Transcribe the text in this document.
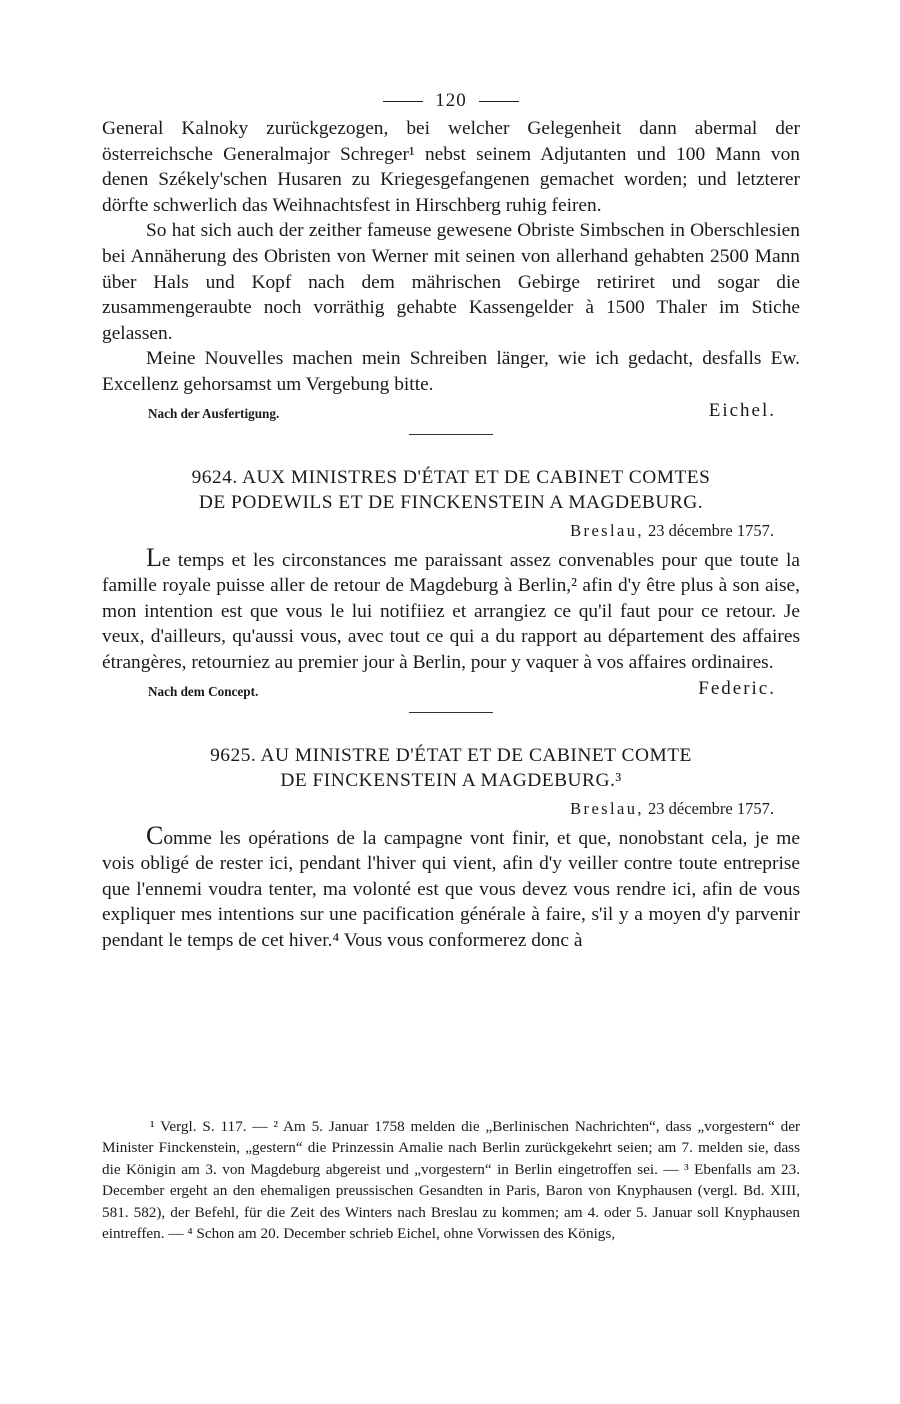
120

General Kalnoky zurückgezogen, bei welcher Gelegenheit dann abermal der österreichsche Generalmajor Schreger¹ nebst seinem Adjutanten und 100 Mann von denen Székely'schen Husaren zu Kriegesgefangenen gemachet worden; und letzterer dörfte schwerlich das Weihnachtsfest in Hirschberg ruhig feiren.

So hat sich auch der zeither fameuse gewesene Obriste Simbschen in Oberschlesien bei Annäherung des Obristen von Werner mit seinen von allerhand gehabten 2500 Mann über Hals und Kopf nach dem mährischen Gebirge retiriret und sogar die zusammengeraubte noch vorräthig gehabte Kassengelder à 1500 Thaler im Stiche gelassen.

Meine Nouvelles machen mein Schreiben länger, wie ich gedacht, desfalls Ew. Excellenz gehorsamst um Vergebung bitte.

Nach der Ausfertigung.	Eichel.
9624. AUX MINISTRES D'ÉTAT ET DE CABINET COMTES
DE PODEWILS ET DE FINCKENSTEIN A MAGDEBURG.
Breslau, 23 décembre 1757.

Le temps et les circonstances me paraissant assez convenables pour que toute la famille royale puisse aller de retour de Magdeburg à Berlin,² afin d'y être plus à son aise, mon intention est que vous le lui notifiiez et arrangiez ce qu'il faut pour ce retour. Je veux, d'ailleurs, qu'aussi vous, avec tout ce qui a du rapport au département des affaires étrangères, retourniez au premier jour à Berlin, pour y vaquer à vos affaires ordinaires.

Nach dem Concept.	Federic.
9625. AU MINISTRE D'ÉTAT ET DE CABINET COMTE
DE FINCKENSTEIN A MAGDEBURG.³
Breslau, 23 décembre 1757.

Comme les opérations de la campagne vont finir, et que, nonobstant cela, je me vois obligé de rester ici, pendant l'hiver qui vient, afin d'y veiller contre toute entreprise que l'ennemi voudra tenter, ma volonté est que vous devez vous rendre ici, afin de vous expliquer mes intentions sur une pacification générale à faire, s'il y a moyen d'y parvenir pendant le temps de cet hiver.⁴ Vous vous conformerez donc à

¹ Vergl. S. 117. — ² Am 5. Januar 1758 melden die „Berlinischen Nachrichten“, dass „vorgestern“ der Minister Finckenstein, „gestern“ die Prinzessin Amalie nach Berlin zurückgekehrt seien; am 7. melden sie, dass die Königin am 3. von Magdeburg abgereist und „vorgestern“ in Berlin eingetroffen sei. — ³ Ebenfalls am 23. December ergeht an den ehemaligen preussischen Gesandten in Paris, Baron von Knyphausen (vergl. Bd. XIII, 581. 582), der Befehl, für die Zeit des Winters nach Breslau zu kommen; am 4. oder 5. Januar soll Knyphausen eintreffen. — ⁴ Schon am 20. December schrieb Eichel, ohne Vorwissen des Königs,
